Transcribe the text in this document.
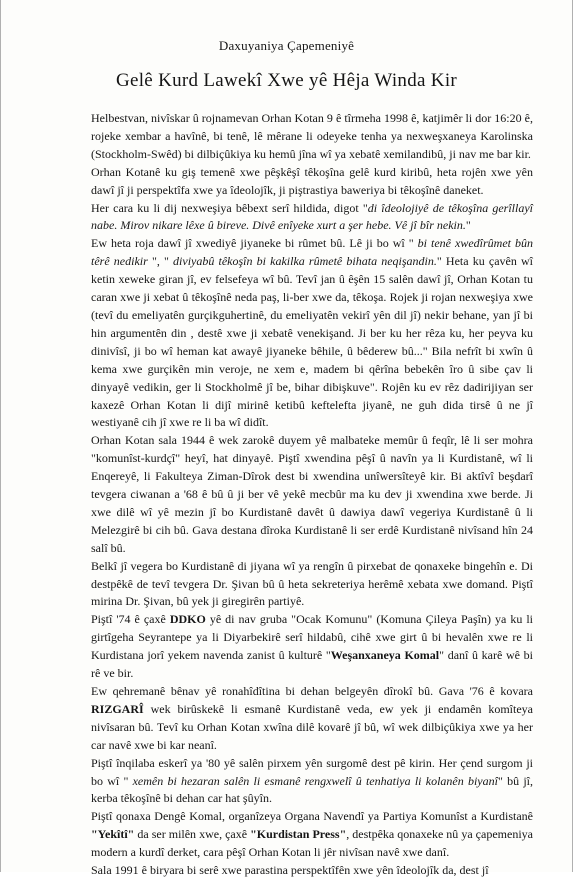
Daxuyaniya Çapemeniyê
Gelê Kurd Lawekî Xwe yê Hêja Winda Kir

Helbestvan, nivîskar û rojnamevan Orhan Kotan 9 ê tîrmeha 1998 ê, katjimêr li dor 16:20 ê, rojeke xembar a havînê, bi tenê, lê mêrane li odeyeke tenha ya nexweşxaneya Karolinska (Stockholm-Swêd) bi dilbiçûkiya ku hemû jîna wî ya xebatê xemilandibû, ji nav me bar kir.

Orhan Kotanê ku giş temenê xwe pêşkêşî têkoşîna gelê kurd kiribû, heta rojên xwe yên dawî jî ji perspektîfa xwe ya îdeolojîk, ji piştrastiya baweriya bi têkoşînê daneket.

Her cara ku li dij nexweşiya bêbext serî hildida, digot "di îdeolojiyê de têkoşîna gerîllayî nabe. Mirov nikare lêxe û bireve. Divê enîyeke xurt a şer hebe. Vê jî bîr nekin."

Ew heta roja dawî jî xwediyê jiyaneke bi rûmet bû. Lê ji bo wî " bi tenê xwedîrûmet bûn têrê nedikir ", " diviyabû têkoşîn bi kakilka rûmetê bihata neqişandin." Heta ku çavên wî ketin xeweke giran jî, ev felsefeya wî bû. Tevî jan û êşên 15 salên dawî jî, Orhan Kotan tu caran xwe ji xebat û têkoşînê neda paş, li-ber xwe da, têkoşa. Rojek ji rojan nexweşiya xwe (tevî du emeliyatên gurçikguhertinê, du emeliyatên vekirî yên dil jî) nekir behane, yan jî bi hin argumentên din , destê xwe ji xebatê venekişand. Ji ber ku her rêza ku, her peyva ku dinivîsî, ji bo wî heman kat awayê jiyaneke bêhile, û bêderew bû..." Bila nefrît bi xwîn û kema xwe gurçikên min veroje, ne xem e, madem bi qêrîna bebekên îro û sibe çav li dinyayê vedikin, ger li Stockholmê jî be, bihar dibişkuve". Rojên ku ev rêz dadirijiyan ser kaxezê Orhan Kotan li dijî mirinê ketibû keftelefta jiyanê, ne guh dida tirsê û ne jî westiyanê cih jî xwe re li ba wî didît.

Orhan Kotan sala 1944 ê wek zarokê duyem yê malbateke memûr û feqîr, lê li ser mohra "komunîst-kurdçî" heyî, hat dinyayê. Piştî xwendina pêşî û navîn ya li Kurdistanê, wî li Enqereyê, li Fakulteya Ziman-Dîrok dest bi xwendina unîwersîteyê kir. Bi aktîvî beşdarî tevgera ciwanan a '68 ê bû û ji ber vê yekê mecbûr ma ku dev ji xwendina xwe berde. Ji xwe dilê wî yê mezin jî bo Kurdistanê davêt û dawiya dawî vegeriya Kurdistanê û li Melezgirê bi cih bû. Gava destana dîroka Kurdistanê li ser erdê Kurdistanê nivîsand hîn 24 salî bû.

Belkî jî vegera bo Kurdistanê di jiyana wî ya rengîn û pirxebat de qonaxeke bingehîn e. Di destpêkê de tevî tevgera Dr. Şivan bû û heta sekreteriya herêmê xebata xwe domand. Piştî mirina Dr. Şivan, bû yek ji giregirên partiyê.

Piştî '74 ê çaxê DDKO yê di nav gruba "Ocak Komunu" (Komuna Çileya Paşîn) ya ku li girtîgeha Seyrantepe ya li Diyarbekirê serî hildabû, cihê xwe girt û bi hevalên xwe re li Kurdistana jorî yekem navenda zanist û kulturê "Weşanxaneya Komal" danî û karê wê bi rê ve bir.

Ew qehremanê bênav yê ronahîdîtina bi dehan belgeyên dîrokî bû. Gava '76 ê kovara RIZGARÎ wek birûskekê li esmanê Kurdistanê veda, ew yek ji endamên komîteya nivîsaran bû. Tevî ku Orhan Kotan xwîna dilê kovarê jî bû, wî wek dilbiçûkiya xwe ya her car navê xwe bi kar neanî.

Piştî înqilaba eskerî ya '80 yê salên pirxem yên surgomê dest pê kirin. Her çend surgom ji bo wî " xemên bi hezaran salên li esmanê rengxwelî û tenhatiya li kolanên biyanî" bû jî, kerba têkoşînê bi dehan car hat şûyîn.

Piştî qonaxa Dengê Komal, organîzeya Organa Navendî ya Partiya Komunîst a Kurdistanê "Yekîtî" da ser milên xwe, çaxê "Kurdistan Press", destpêka qonaxeke nû ya çapemeniya modern a kurdî derket, cara pêşî Orhan Kotan li jêr nivîsan navê xwe danî.

Sala 1991 ê biryara bi serê xwe parastina perspektîfên xwe yên îdeolojîk da, dest jî
